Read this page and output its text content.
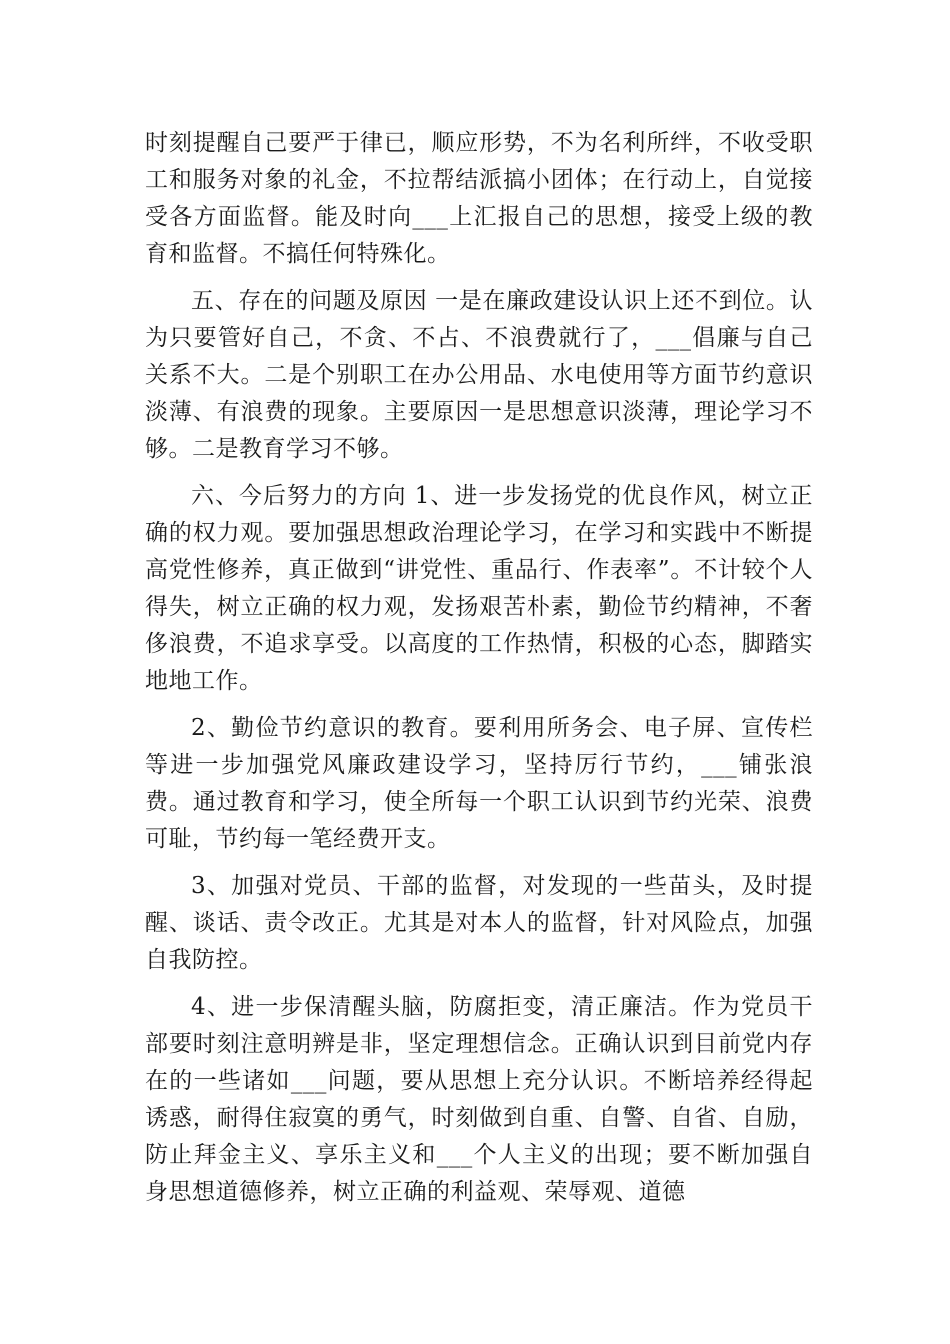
时刻提醒自己要严于律已，顺应形势，不为名利所绊，不收受职工和服务对象的礼金，不拉帮结派搞小团体；在行动上，自觉接受各方面监督。能及时向___上汇报自己的思想，接受上级的教育和监督。不搞任何特殊化。

五、存在的问题及原因 一是在廉政建设认识上还不到位。认为只要管好自己，不贪、不占、不浪费就行了，___倡廉与自己关系不大。二是个别职工在办公用品、水电使用等方面节约意识淡薄、有浪费的现象。主要原因一是思想意识淡薄，理论学习不够。二是教育学习不够。

六、今后努力的方向 1、进一步发扬党的优良作风，树立正确的权力观。要加强思想政治理论学习，在学习和实践中不断提高党性修养，真正做到“讲党性、重品行、作表率”。不计较个人得失，树立正确的权力观，发扬艰苦朴素，勤俭节约精神，不奢侈浪费，不追求享受。以高度的工作热情，积极的心态，脚踏实地地工作。

2、勤俭节约意识的教育。要利用所务会、电子屏、宣传栏等进一步加强党风廉政建设学习，坚持厉行节约，___铺张浪费。通过教育和学习，使全所每一个职工认识到节约光荣、浪费可耻，节约每一笔经费开支。

3、加强对党员、干部的监督，对发现的一些苗头，及时提醒、谈话、责令改正。尤其是对本人的监督，针对风险点，加强自我防控。

4、进一步保清醒头脑，防腐拒变，清正廉洁。作为党员干部要时刻注意明辨是非，坚定理想信念。正确认识到目前党内存在的一些诸如___问题，要从思想上充分认识。不断培养经得起诱惑，耐得住寂寞的勇气，时刻做到自重、自警、自省、自励，防止拜金主义、享乐主义和___个人主义的出现；要不断加强自身思想道德修养，树立正确的利益观、荣辱观、道德
